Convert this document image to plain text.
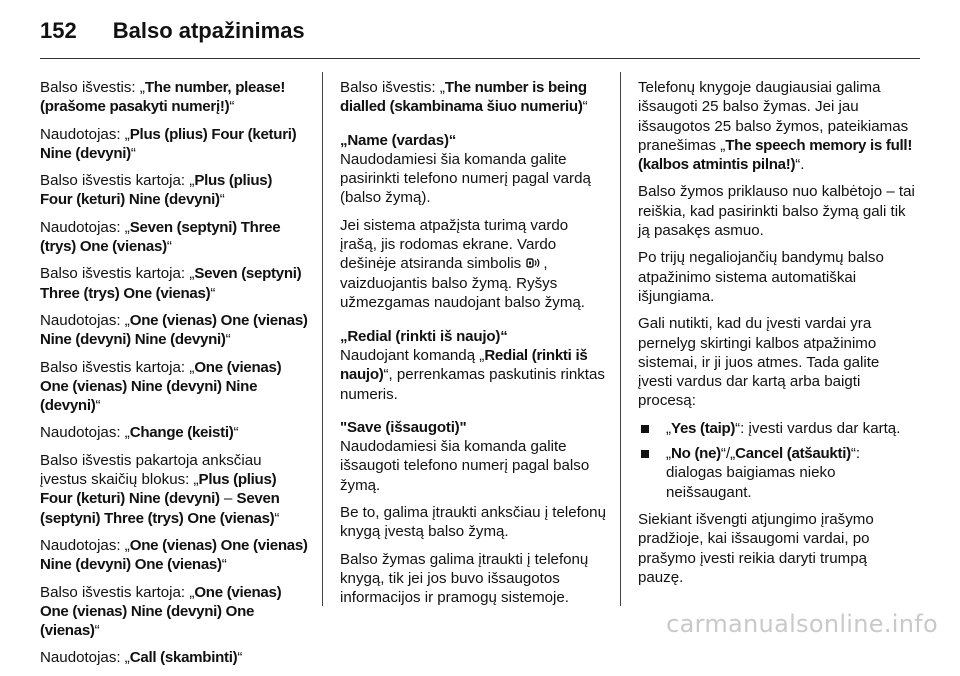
152 Balso atpažinimas

Balso išvestis: „The number, please! (prašome pasakyti numerį!)“

Naudotojas: „Plus (plius) Four (keturi) Nine (devyni)“

Balso išvestis kartoja: „Plus (plius) Four (keturi) Nine (devyni)“

Naudotojas: „Seven (septyni) Three (trys) One (vienas)“

Balso išvestis kartoja: „Seven (septyni) Three (trys) One (vienas)“

Naudotojas: „One (vienas) One (vienas) Nine (devyni) Nine (devyni)“

Balso išvestis kartoja: „One (vienas) One (vienas) Nine (devyni) Nine (devyni)“

Naudotojas: „Change (keisti)“

Balso išvestis pakartoja anksčiau įvestus skaičių blokus: „Plus (plius) Four (keturi) Nine (devyni) – Seven (septyni) Three (trys) One (vienas)“

Naudotojas: „One (vienas) One (vienas) Nine (devyni) One (vienas)“

Balso išvestis kartoja: „One (vienas) One (vienas) Nine (devyni) One (vienas)“

Naudotojas: „Call (skambinti)“

Balso išvestis: „The number is being dialled (skambinama šiuo numeriu)“

„Name (vardas)“

Naudodamiesi šia komanda galite pasirinkti telefono numerį pagal vardą (balso žymą).

Jei sistema atpažįsta turimą vardo įrašą, jis rodomas ekrane. Vardo dešinėje atsiranda simbolis , vaizduojantis balso žymą. Ryšys užmezgamas naudojant balso žymą.

„Redial (rinkti iš naujo)“

Naudojant komandą „Redial (rinkti iš naujo)“, perrenkamas paskutinis rinktas numeris.

"Save (išsaugoti)"

Naudodamiesi šia komanda galite išsaugoti telefono numerį pagal balso žymą.

Be to, galima įtraukti anksčiau į telefonų knygą įvestą balso žymą.

Balso žymas galima įtraukti į telefonų knygą, tik jei jos buvo išsaugotos informacijos ir pramogų sistemoje.

Telefonų knygoje daugiausiai galima išsaugoti 25 balso žymas. Jei jau išsaugotos 25 balso žymos, pateikiamas pranešimas „The speech memory is full! (kalbos atmintis pilna!)“.

Balso žymos priklauso nuo kalbėtojo – tai reiškia, kad pasirinkti balso žymą gali tik ją pasakęs asmuo.

Po trijų negaliojančių bandymų balso atpažinimo sistema automatiškai išjungiama.

Gali nutikti, kad du įvesti vardai yra pernelyg skirtingi kalbos atpažinimo sistemai, ir ji juos atmes. Tada galite įvesti vardus dar kartą arba baigti procesą:

„Yes (taip)“: įvesti vardus dar kartą.
„No (ne)“/„Cancel (atšaukti)“: dialogas baigiamas nieko neišsaugant.

Siekiant išvengti atjungimo įrašymo pradžioje, kai išsaugomi vardai, po prašymo įvesti reikia daryti trumpą pauzę.

carmanualsonline.info
